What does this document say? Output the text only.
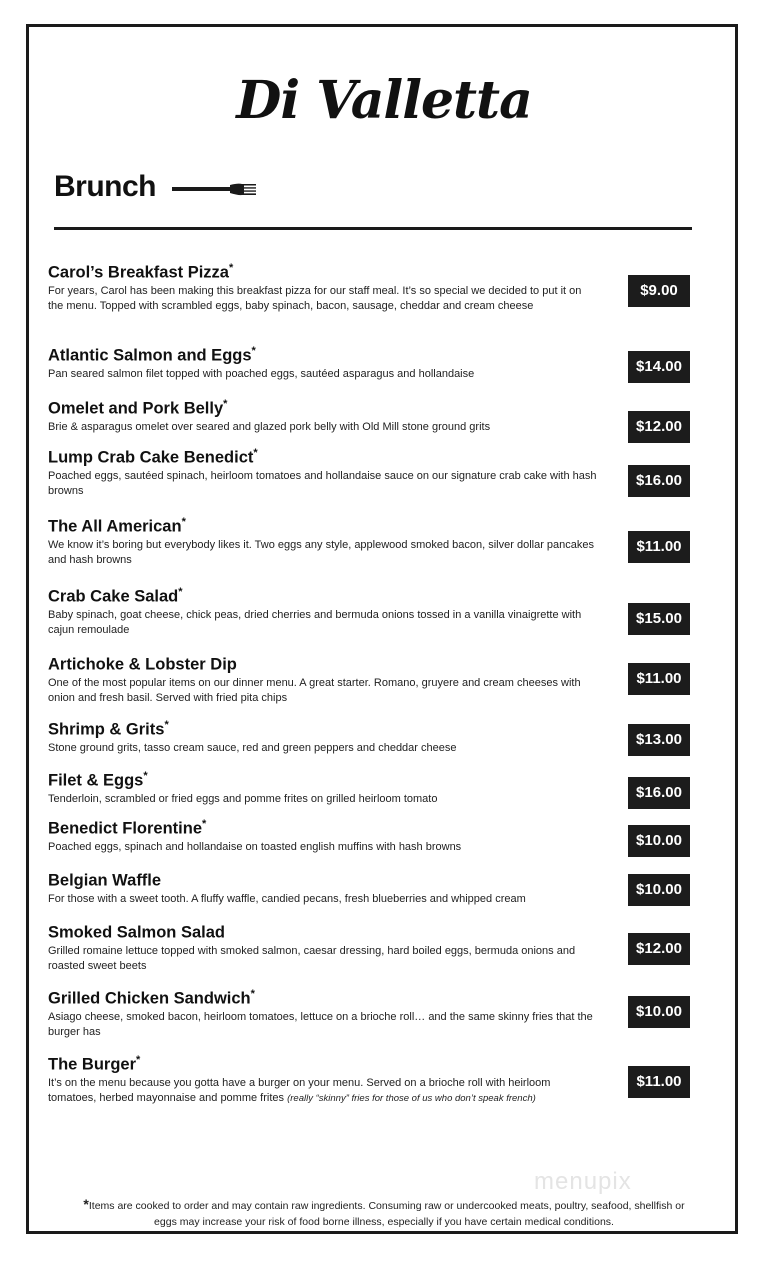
Di Valletta
Brunch
Carol’s Breakfast Pizza*
For years, Carol has been making this breakfast pizza for our staff meal. It’s so special we decided to put it on the menu. Topped with scrambled eggs, baby spinach, bacon, sausage, cheddar and cream cheese
$9.00
Atlantic Salmon and Eggs*
Pan seared salmon filet topped with poached eggs, sautéed asparagus and hollandaise	$14.00
Omelet and Pork Belly*
Brie & asparagus omelet over seared and glazed pork belly with Old Mill stone ground grits	$12.00
Lump Crab Cake Benedict*
Poached eggs, sautéed spinach, heirloom tomatoes and hollandaise sauce on our signature crab cake with hash browns
$16.00
The All American*
We know it’s boring but everybody likes it. Two eggs any style, applewood smoked bacon, silver dollar pancakes and hash browns
$11.00
Crab Cake Salad*
Baby spinach, goat cheese, chick peas, dried cherries and bermuda onions tossed in a vanilla vinaigrette with cajun remoulade
$15.00
Artichoke & Lobster Dip
One of the most popular items on our dinner menu. A great starter. Romano, gruyere and cream cheeses with onion and fresh basil. Served with fried pita chips
$11.00
Shrimp & Grits*
Stone ground grits, tasso cream sauce, red and green peppers and cheddar cheese	$13.00
Filet & Eggs*
Tenderloin, scrambled or fried eggs and pomme frites on grilled heirloom tomato	$16.00
Benedict Florentine*
Poached eggs, spinach and hollandaise on toasted english muffins with hash browns	$10.00
Belgian Waffle
For those with a sweet tooth. A fluffy waffle, candied pecans, fresh blueberries and whipped cream
$10.00
Smoked Salmon Salad
Grilled romaine lettuce topped with smoked salmon, caesar dressing, hard boiled eggs, bermuda onions and roasted sweet beets
$12.00
Grilled Chicken Sandwich*
Asiago cheese, smoked bacon, heirloom tomatoes, lettuce on a brioche roll… and the same skinny fries that the burger has
$10.00
The Burger*
It’s on the menu because you gotta have a burger on your menu. Served on a brioche roll with heirloom tomatoes, herbed mayonnaise and pomme frites (really “skinny” fries for those of us who don’t speak french)
$11.00
menupix
*Items are cooked to order and may contain raw ingredients. Consuming raw or undercooked meats, poultry, seafood, shellfish or
eggs may increase your risk of food borne illness, especially if you have certain medical conditions.
